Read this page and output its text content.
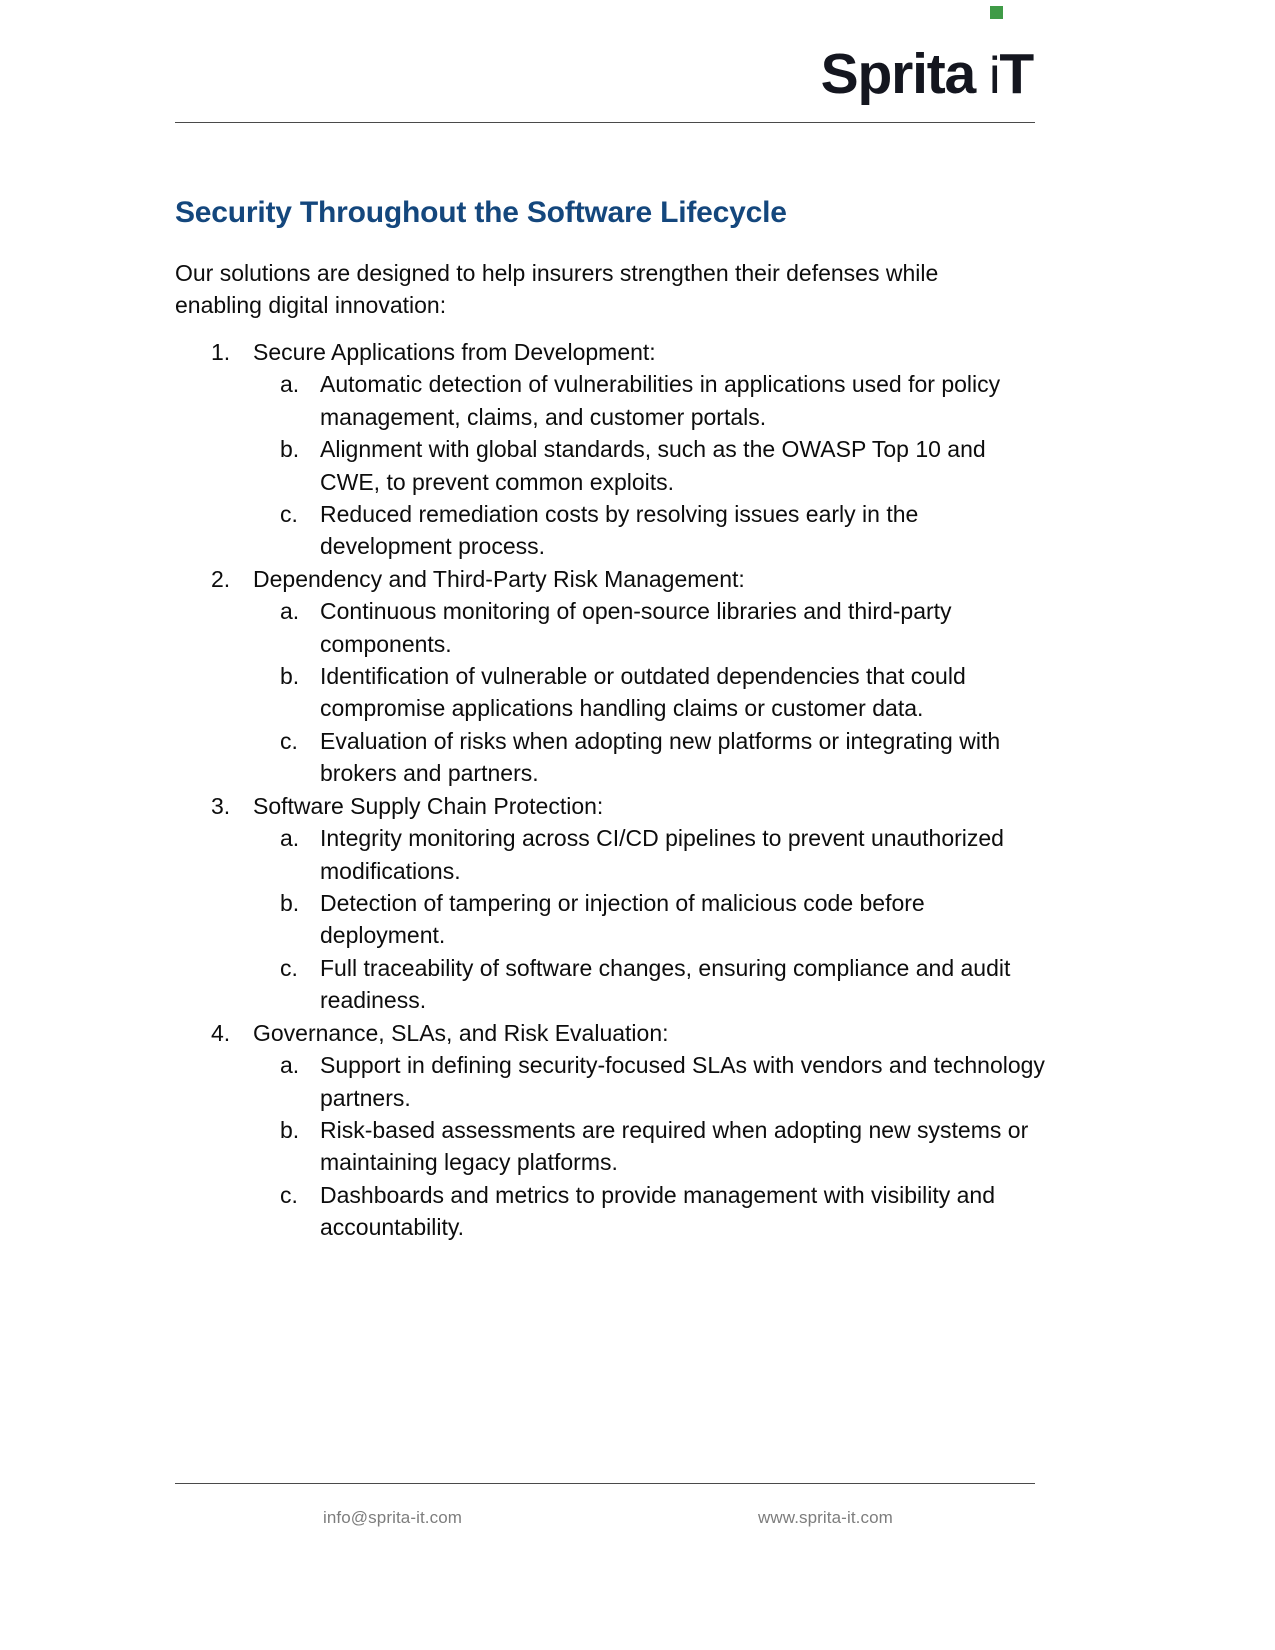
Sprita iT
Security Throughout the Software Lifecycle

Our solutions are designed to help insurers strengthen their defenses while enabling digital innovation:

1. Secure Applications from Development:
a. Automatic detection of vulnerabilities in applications used for policy management, claims, and customer portals.
b. Alignment with global standards, such as the OWASP Top 10 and CWE, to prevent common exploits.
c. Reduced remediation costs by resolving issues early in the development process.
2. Dependency and Third-Party Risk Management:
a. Continuous monitoring of open-source libraries and third-party components.
b. Identification of vulnerable or outdated dependencies that could compromise applications handling claims or customer data.
c. Evaluation of risks when adopting new platforms or integrating with brokers and partners.
3. Software Supply Chain Protection:
a. Integrity monitoring across CI/CD pipelines to prevent unauthorized modifications.
b. Detection of tampering or injection of malicious code before deployment.
c. Full traceability of software changes, ensuring compliance and audit readiness.
4. Governance, SLAs, and Risk Evaluation:
a. Support in defining security-focused SLAs with vendors and technology partners.
b. Risk-based assessments are required when adopting new systems or maintaining legacy platforms.
c. Dashboards and metrics to provide management with visibility and accountability.
info@sprita-it.com	www.sprita-it.com
